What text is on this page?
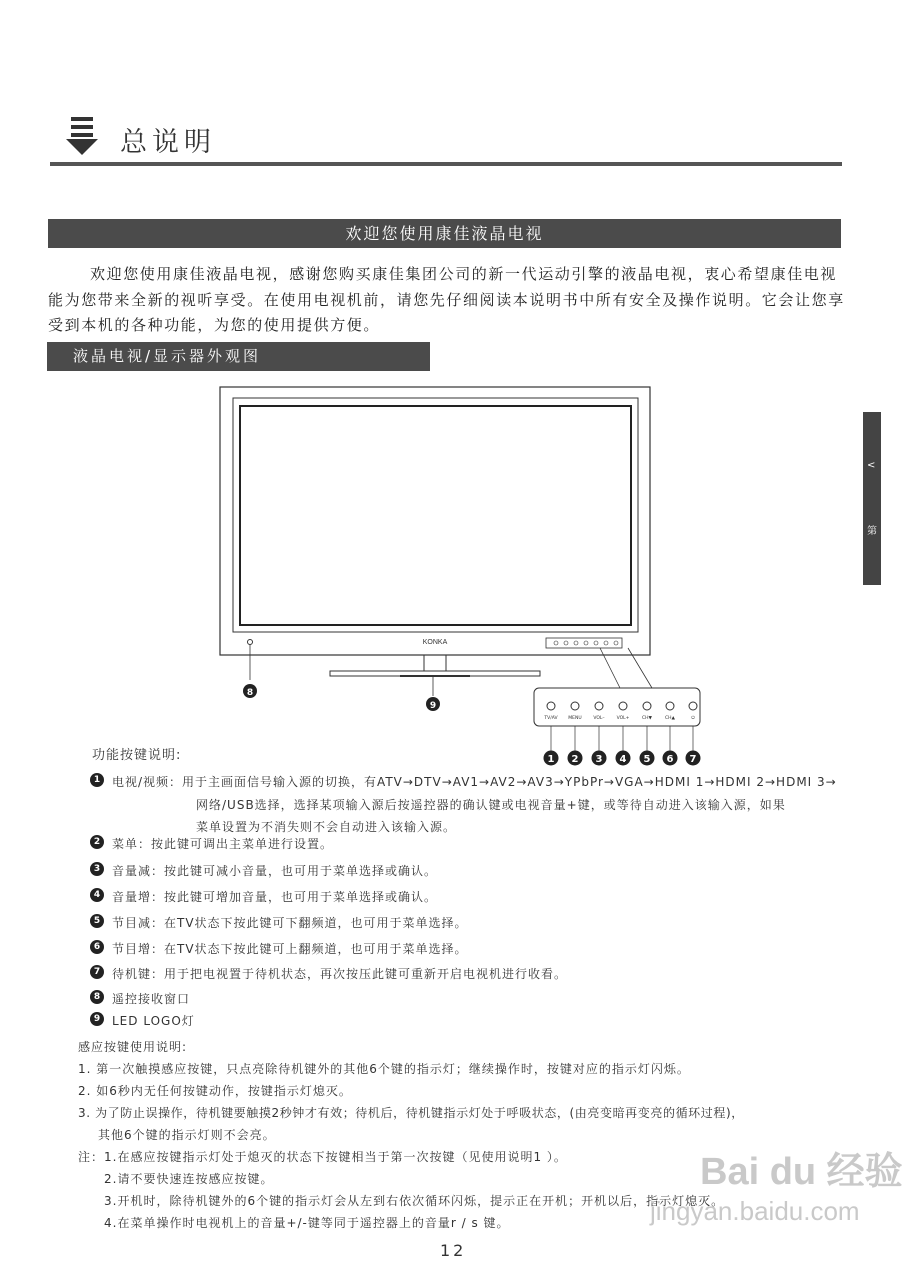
总说明
欢迎您使用康佳液晶电视

欢迎您使用康佳液晶电视，感谢您购买康佳集团公司的新一代运动引擎的液晶电视，衷心希望康佳电视能为您带来全新的视听享受。在使用电视机前，请您先仔细阅读本说明书中所有安全及操作说明。它会让您享受到本机的各种功能，为您的使用提供方便。

液晶电视/显示器外观图
<
第
KONKA
8
9
TV/AV MENU	VOL–	VOL+	CH▼	CH▲	⏻
1 2 3 4 5 6 7
功能按键说明:
1 电视/视频：用于主画面信号输入源的切换，有ATV→DTV→AV1→AV2→AV3→YPbPr→VGA→HDMI 1→HDMI 2→HDMI 3→
网络/USB选择，选择某项输入源后按遥控器的确认键或电视音量+键，或等待自动进入该输入源，如果
菜单设置为不消失则不会自动进入该输入源。
2 菜单：按此键可调出主菜单进行设置。
3 音量减：按此键可减小音量，也可用于菜单选择或确认。
4 音量增：按此键可增加音量，也可用于菜单选择或确认。
5 节目减：在TV状态下按此键可下翻频道，也可用于菜单选择。
6 节目增：在TV状态下按此键可上翻频道，也可用于菜单选择。
7 待机键：用于把电视置于待机状态，再次按压此键可重新开启电视机进行收看。
8 遥控接收窗口
9 LED LOGO灯
感应按键使用说明:
1. 第一次触摸感应按键，只点亮除待机键外的其他6个键的指示灯；继续操作时，按键对应的指示灯闪烁。
2. 如6秒内无任何按键动作，按键指示灯熄灭。
3. 为了防止误操作，待机键要触摸2秒钟才有效；待机后，待机键指示灯处于呼吸状态，(由亮变暗再变亮的循环过程)，
其他6个键的指示灯则不会亮。
注：1.在感应按键指示灯处于熄灭的状态下按键相当于第一次按键（见使用说明1 ）。
2.请不要快速连按感应按键。
3.开机时，除待机键外的6个键的指示灯会从左到右依次循环闪烁，提示正在开机；开机以后，指示灯熄灭。
4.在菜单操作时电视机上的音量+/-键等同于遥控器上的音量r / s 键。
12
Bai du 经验
jingyan.baidu.com
